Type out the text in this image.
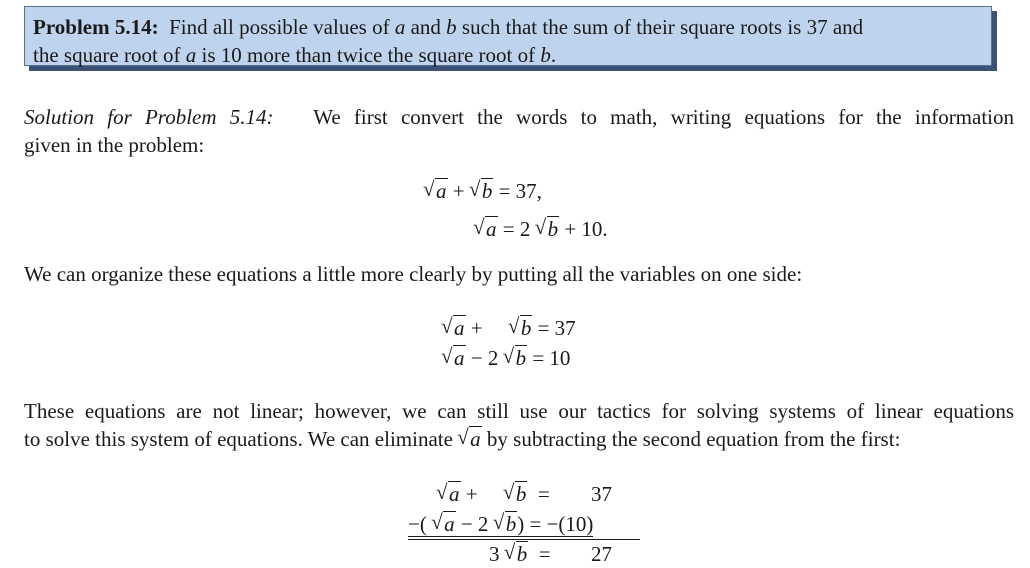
Problem 5.14: Find all possible values of a and b such that the sum of their square roots is 37 and
the square root of a is 10 more than twice the square root of b.
Solution for Problem 5.14: We first convert the words to math, writing equations for the information
given in the problem:
√ a + √ b = 37,
√ a = 2 √ b + 10.
We can organize these equations a little more clearly by putting all the variables on one side:
√ a +     √ b = 37
√ a − 2 √ b = 10
These equations are not linear; however, we can still use our tactics for solving systems of linear equations
to solve this system of equations. We can eliminate √ a by subtracting the second equation from the first:
√ a +     √ b = 37
−( √ a − 2 √ b) = −(10)
3 √ b = 27
